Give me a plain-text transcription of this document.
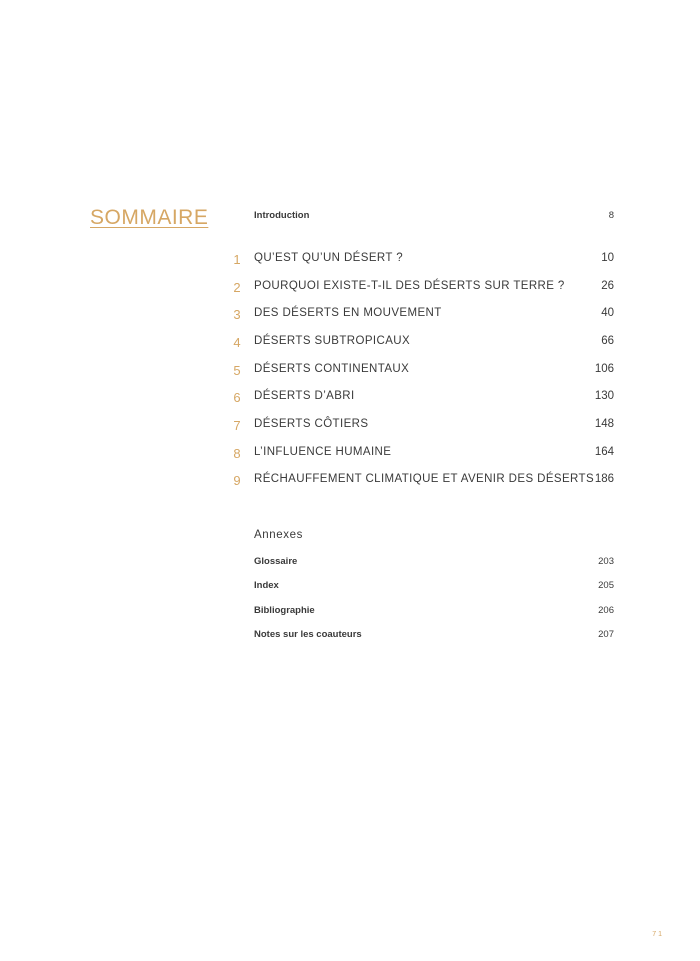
SOMMAIRE	Introduction	8
1 QU’EST QU’UN DÉSERT ?	10
2 POURQUOI EXISTE-T-IL DES DÉSERTS SUR TERRE ?	26
3 DES DÉSERTS EN MOUVEMENT	40
4 DÉSERTS SUBTROPICAUX	66
5 DÉSERTS CONTINENTAUX	106
6 DÉSERTS D’ABRI	130
7 DÉSERTS CÔTIERS	148
8 L’INFLUENCE HUMAINE	164
9 RÉCHAUFFEMENT CLIMATIQUE ET AVENIR DES DÉSERTS 186
Annexes
Glossaire	203
Index	205
Bibliographie	206
Notes sur les coauteurs	207
7 1
